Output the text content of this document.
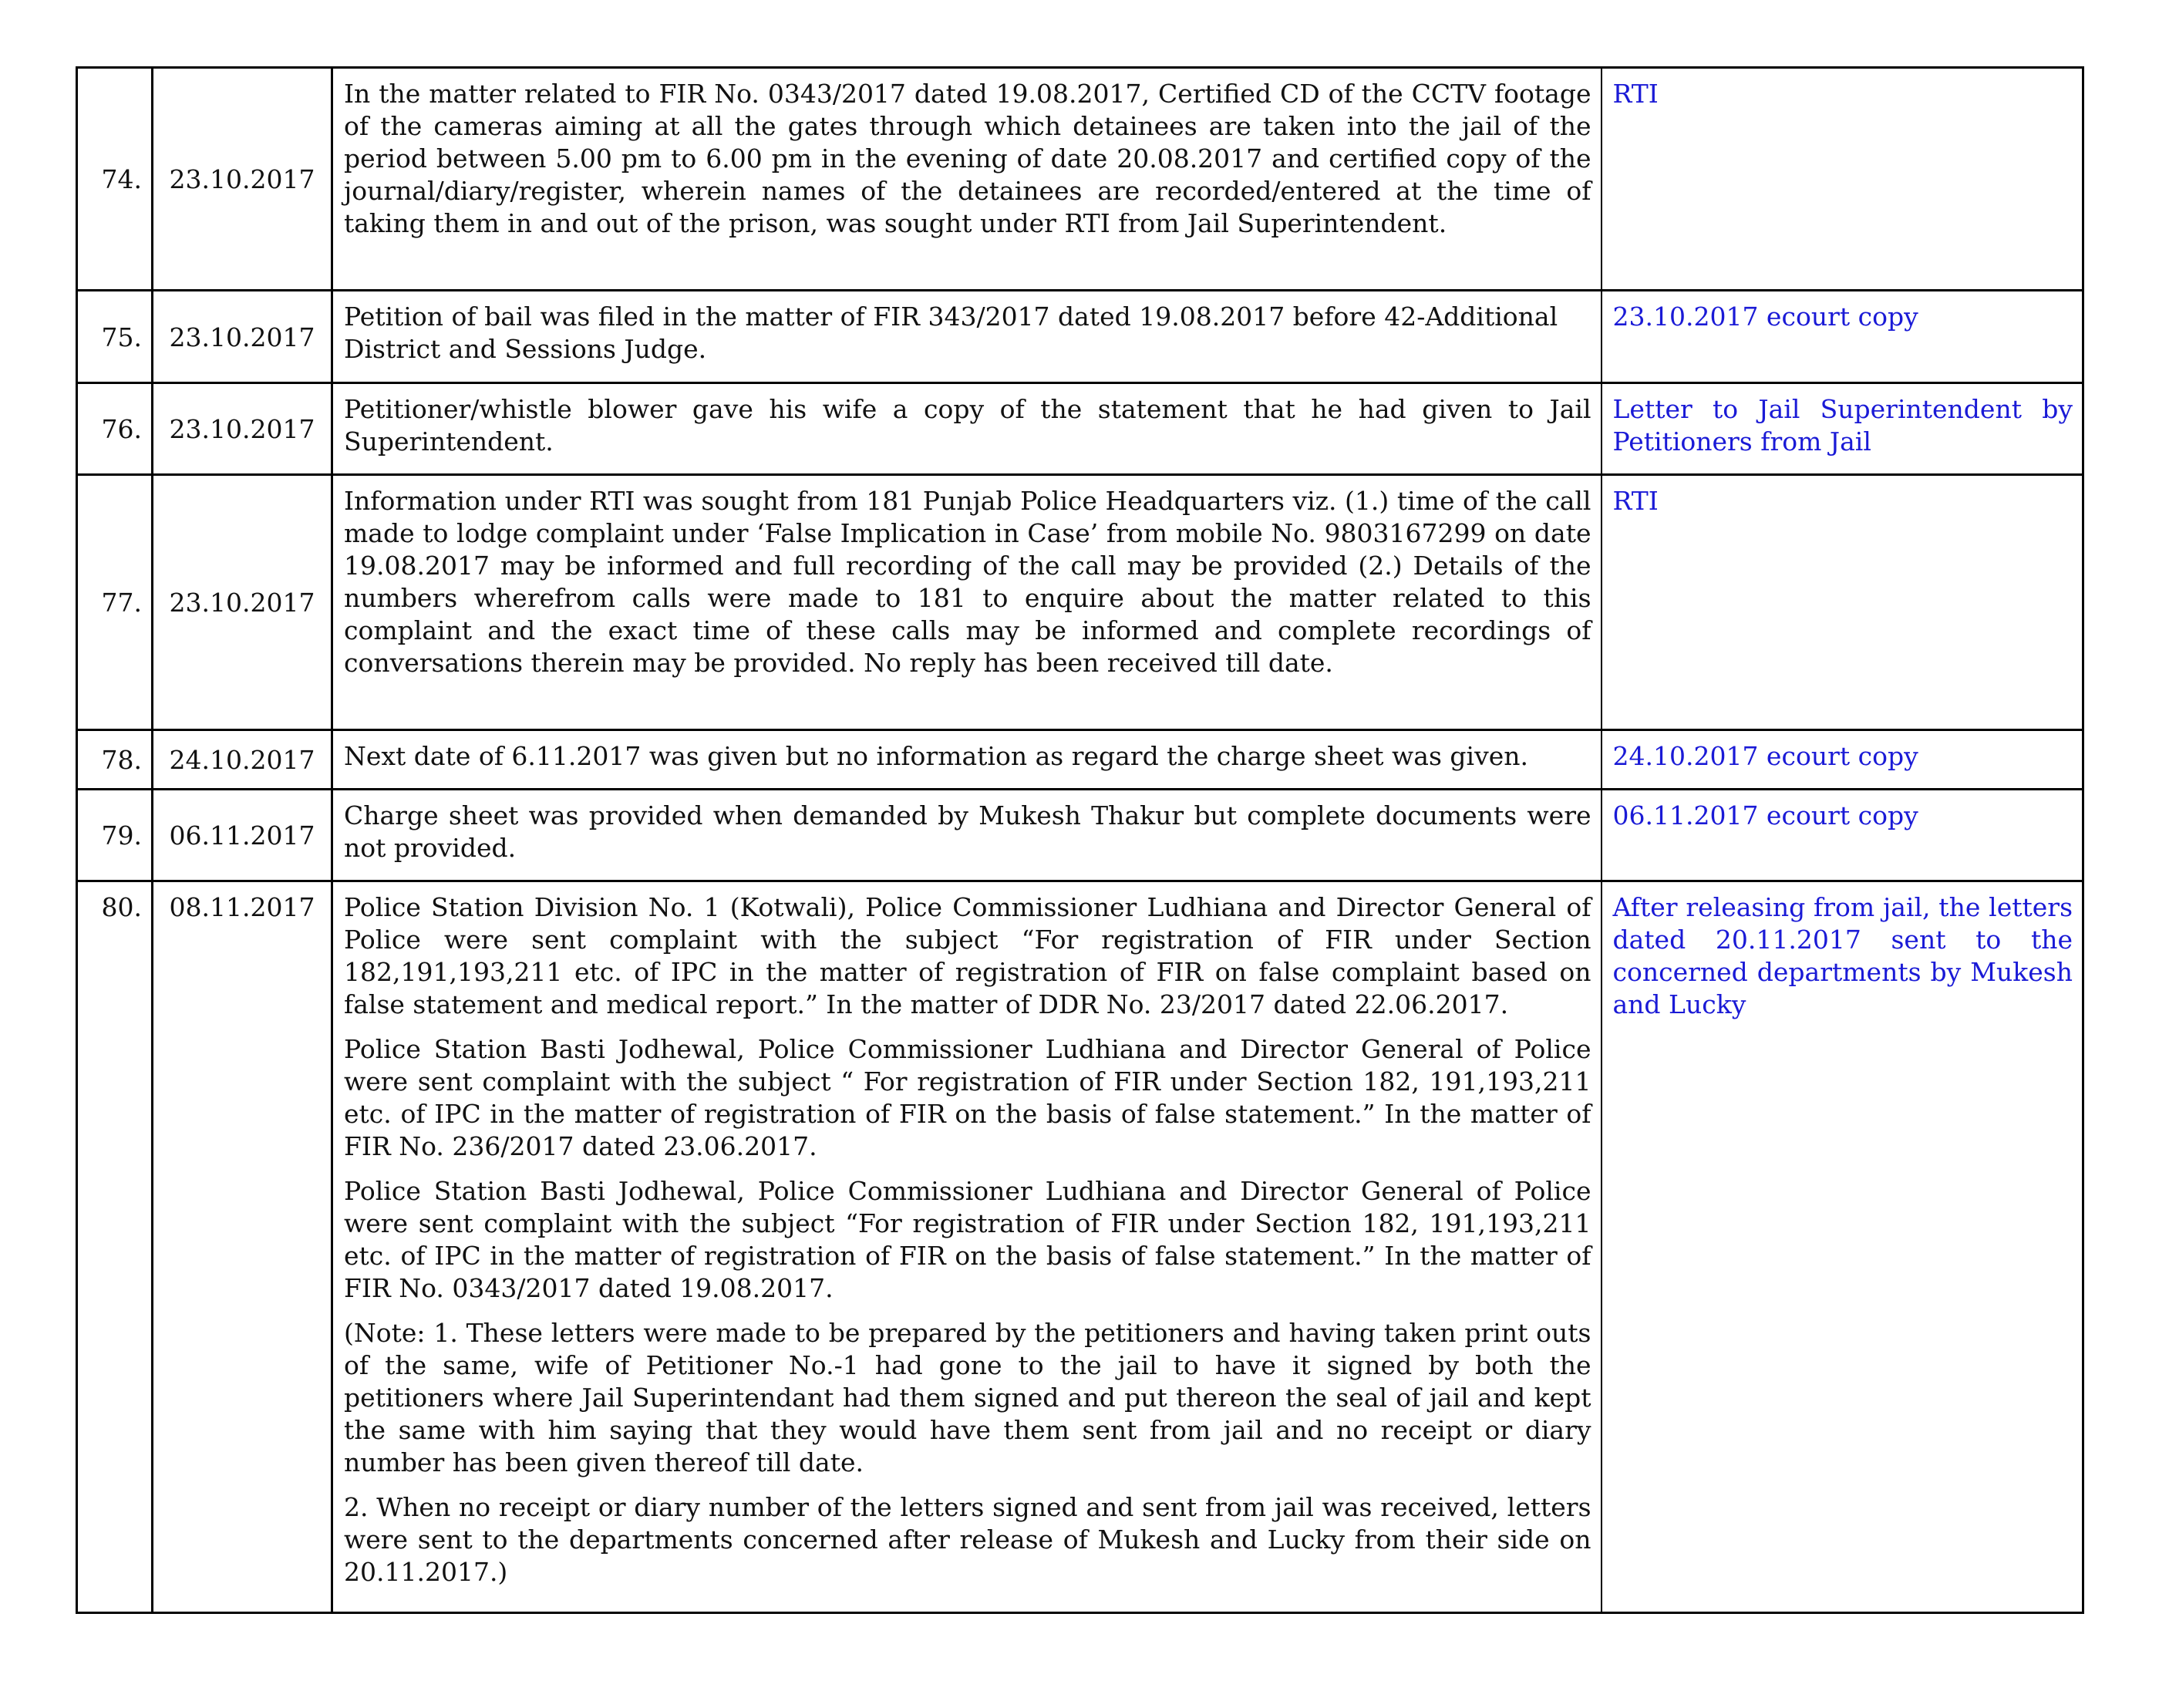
74.	23.10.2017	In the matter related to FIR No. 0343/2017 dated 19.08.2017, Certified CD of the CCTV footage of the cameras aiming at all the gates through which detainees are taken into the jail of the period between 5.00 pm to 6.00 pm in the evening of date 20.08.2017 and certified copy of the journal/diary/register, wherein names of the detainees are recorded/entered at the time of taking them in and out of the prison, was sought under RTI from Jail Superintendent.	RTI
75.	23.10.2017	Petition of bail was filed in the matter of FIR 343/2017 dated 19.08.2017 before 42-Additional District and Sessions Judge.	23.10.2017 ecourt copy
76.	23.10.2017	Petitioner/whistle blower gave his wife a copy of the statement that he had given to Jail Superintendent.	Letter to Jail Superintendent by Petitioners from Jail
77.	23.10.2017	Information under RTI was sought from 181 Punjab Police Headquarters viz. (1.) time of the call made to lodge complaint under ‘False Implication in Case’ from mobile No. 9803167299 on date 19.08.2017 may be informed and full recording of the call may be provided (2.) Details of the numbers wherefrom calls were made to 181 to enquire about the matter related to this complaint and the exact time of these calls may be informed and complete recordings of conversations therein may be provided. No reply has been received till date.	RTI
78.	24.10.2017	Next date of 6.11.2017 was given but no information as regard the charge sheet was given.	24.10.2017 ecourt copy
79.	06.11.2017	Charge sheet was provided when demanded by Mukesh Thakur but complete documents were not provided.	06.11.2017 ecourt copy
80.	08.11.2017	Police Station Division No. 1 (Kotwali), Police Commissioner Ludhiana and Director General of Police were sent complaint with the subject “For registration of FIR under Section 182,191,193,211 etc. of IPC in the matter of registration of FIR on false complaint based on false statement and medical report.” In the matter of DDR No. 23/2017 dated 22.06.2017.

Police Station Basti Jodhewal, Police Commissioner Ludhiana and Director General of Police were sent complaint with the subject “ For registration of FIR under Section 182, 191,193,211 etc. of IPC in the matter of registration of FIR on the basis of false statement.” In the matter of FIR No. 236/2017 dated 23.06.2017.

Police Station Basti Jodhewal, Police Commissioner Ludhiana and Director General of Police were sent complaint with the subject “For registration of FIR under Section 182, 191,193,211 etc. of IPC in the matter of registration of FIR on the basis of false statement.” In the matter of FIR No. 0343/2017 dated 19.08.2017.

(Note: 1. These letters were made to be prepared by the petitioners and having taken print outs of the same, wife of Petitioner No.-1 had gone to the jail to have it signed by both the petitioners where Jail Superintendant had them signed and put thereon the seal of jail and kept the same with him saying that they would have them sent from jail and no receipt or diary number has been given thereof till date.

2. When no receipt or diary number of the letters signed and sent from jail was received, letters were sent to the departments concerned after release of Mukesh and Lucky from their side on 20.11.2017.)	After releasing from jail, the letters dated 20.11.2017 sent to the concerned departments by Mukesh and Lucky
